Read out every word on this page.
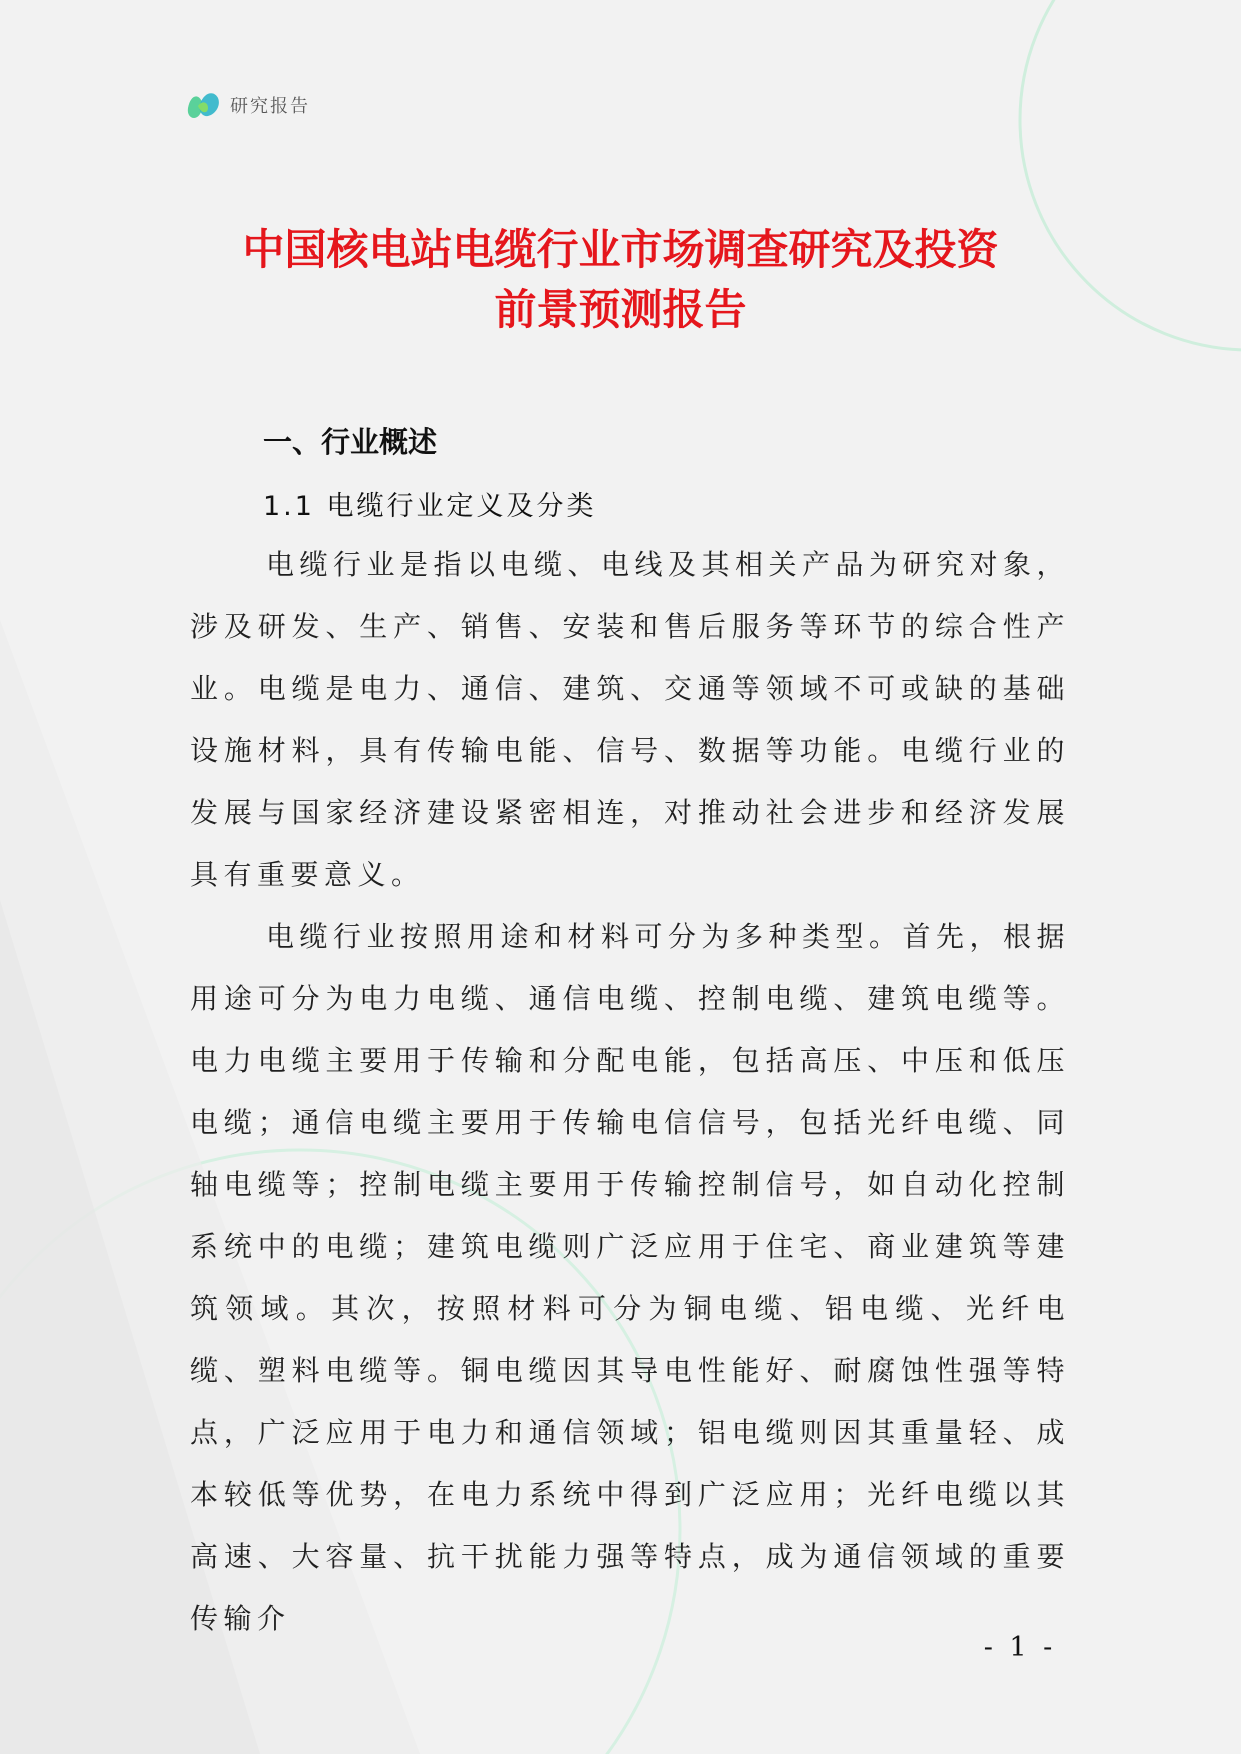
研究报告
中国核电站电缆行业市场调查研究及投资
前景预测报告
一、行业概述
1.1 电缆行业定义及分类

电缆行业是指以电缆、电线及其相关产品为研究对象，涉及研发、生产、销售、安装和售后服务等环节的综合性产业。电缆是电力、通信、建筑、交通等领域不可或缺的基础设施材料，具有传输电能、信号、数据等功能。电缆行业的发展与国家经济建设紧密相连，对推动社会进步和经济发展具有重要意义。

电缆行业按照用途和材料可分为多种类型。首先，根据用途可分为电力电缆、通信电缆、控制电缆、建筑电缆等。电力电缆主要用于传输和分配电能，包括高压、中压和低压电缆；通信电缆主要用于传输电信信号，包括光纤电缆、同轴电缆等；控制电缆主要用于传输控制信号，如自动化控制系统中的电缆；建筑电缆则广泛应用于住宅、商业建筑等建筑领域。其次，按照材料可分为铜电缆、铝电缆、光纤电缆、塑料电缆等。铜电缆因其导电性能好、耐腐蚀性强等特点，广泛应用于电力和通信领域；铝电缆则因其重量轻、成本较低等优势，在电力系统中得到广泛应用；光纤电缆以其高速、大容量、抗干扰能力强等特点，成为通信领域的重要传输介

- 1 -
